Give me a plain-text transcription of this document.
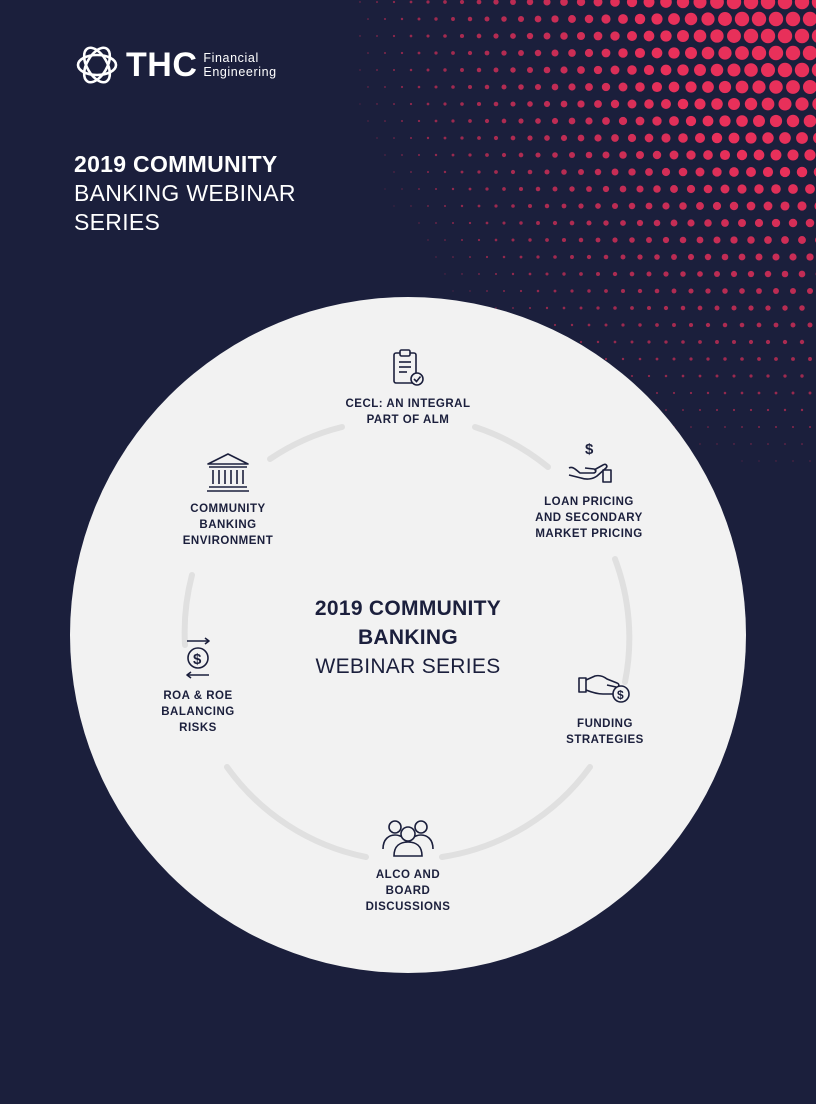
THC Financial
Engineering
2019 COMMUNITY
BANKING WEBINAR
SERIES
2019 COMMUNITY
BANKING
WEBINAR SERIES
CECL: AN INTEGRAL
PART OF ALM
$
LOAN PRICING
AND SECONDARY
MARKET PRICING
$
FUNDING
STRATEGIES
ALCO AND
BOARD
DISCUSSIONS
$
ROA & ROE
BALANCING
RISKS
COMMUNITY
BANKING
ENVIRONMENT
